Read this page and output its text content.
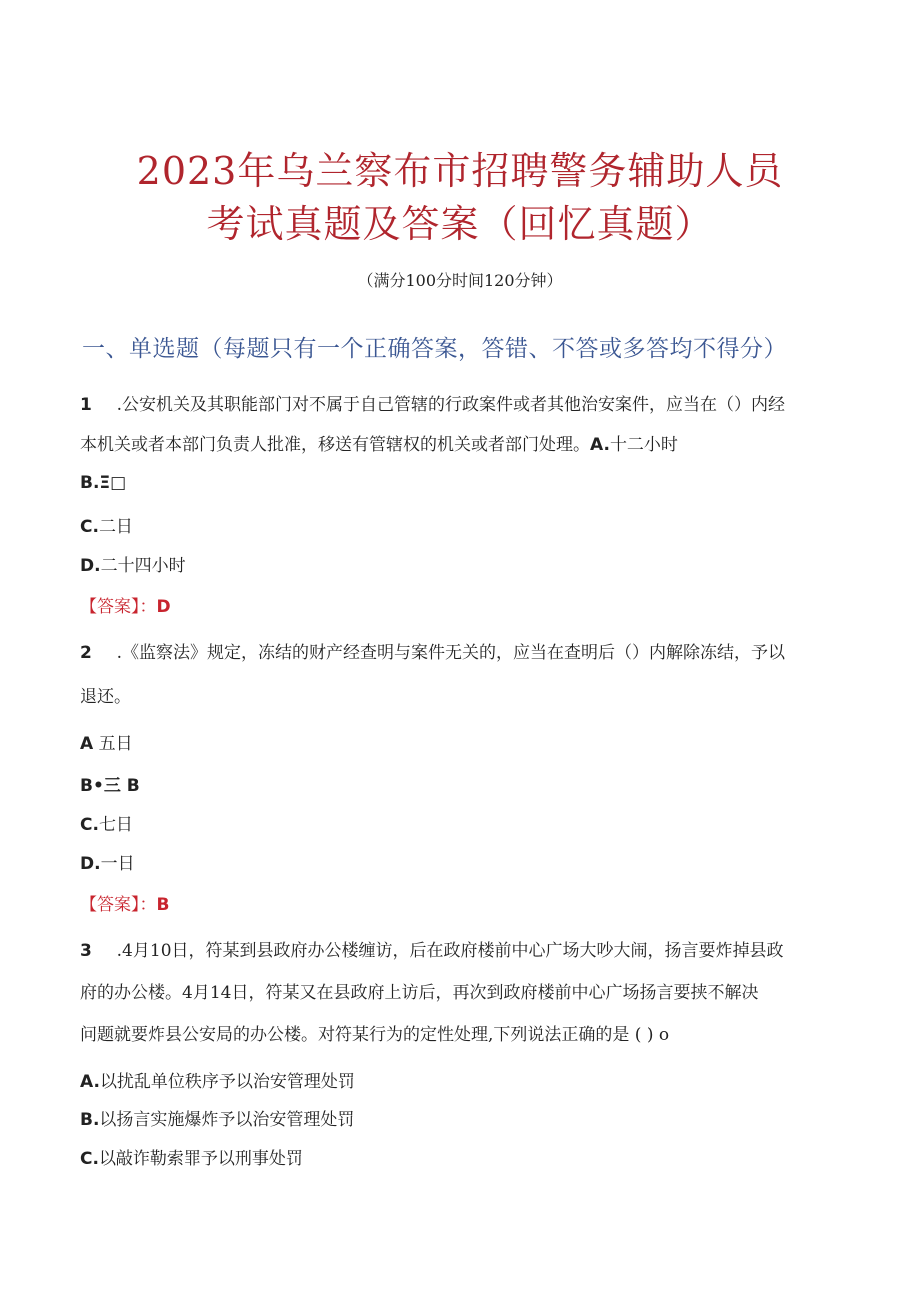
2023年乌兰察布市招聘警务辅助人员
考试真题及答案（回忆真题）
（满分100分时间120分钟）
一、单选题（每题只有一个正确答案，答错、不答或多答均不得分）
1 .公安机关及其职能部门对不属于自己管辖的行政案件或者其他治安案件，应当在（）内经
本机关或者本部门负责人批准，移送有管辖权的机关或者部门处理。A.十二小时
B.Ξ□
C.二日
D.二十四小时
【答案】：D
2 .《监察法》规定，冻结的财产经查明与案件无关的，应当在查明后（）内解除冻结，予以
退还。
A 五日
B•三 B
C.七日
D.一日
【答案】：B
3 .4月10日，符某到县政府办公楼缠访，后在政府楼前中心广场大吵大闹，扬言要炸掉县政
府的办公楼。4月14日，符某又在县政府上访后，再次到政府楼前中心广场扬言要挟不解决
问题就要炸县公安局的办公楼。对符某行为的定性处理,下列说法正确的是 ( ) o
A.以扰乱单位秩序予以治安管理处罚
B.以扬言实施爆炸予以治安管理处罚
C.以敲诈勒索罪予以刑事处罚
